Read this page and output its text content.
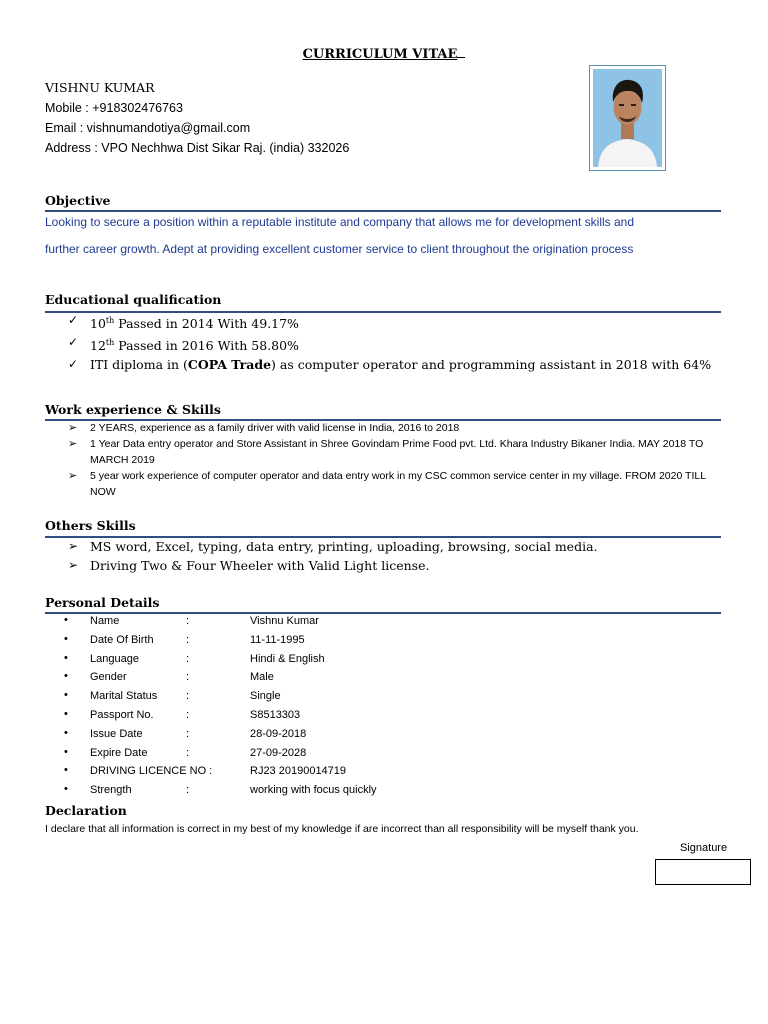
CURRICULUM VITAE
VISHNU KUMAR
Mobile : +918302476763
Email : vishnumandotiya@gmail.com
Address : VPO Nechhwa Dist Sikar Raj. (india) 332026
Objective
Looking to secure a position within a reputable institute and company that allows me for development skills and
further career growth. Adept at providing excellent customer service to client throughout the origination process
Educational qualification
✓ 10th Passed in 2014 With 49.17%
✓ 12th Passed in 2016 With 58.80%
✓ ITI diploma in (COPA Trade) as computer operator and programming assistant in 2018 with 64%
Work experience & Skills
➢	2 YEARS, experience as a family driver with valid license in India, 2016 to 2018
➢	1 Year Data entry operator and Store Assistant in Shree Govindam Prime Food pvt. Ltd. Khara Industry Bikaner India. MAY 2018 TO MARCH 2019
➢	5 year work experience of computer operator and data entry work in my CSC common service center in my village. FROM 2020 TILL NOW
Others Skills
➢ MS word, Excel, typing, data entry, printing, uploading, browsing, social media.
➢ Driving Two & Four Wheeler with Valid Light license.
Personal Details
• Name	:	Vishnu Kumar
• Date Of Birth	:	11-11-1995
• Language	:	Hindi & English
• Gender	:	Male
• Marital Status	:	Single
• Passport No.	:	S8513303
• Issue Date	:	28-09-2018
• Expire Date	:	27-09-2028
• DRIVING LICENCE NO :	RJ23 20190014719
• Strength	:	working with focus quickly
Declaration
I declare that all information is correct in my best of my knowledge if are incorrect than all responsibility will be myself thank you.
Signature
